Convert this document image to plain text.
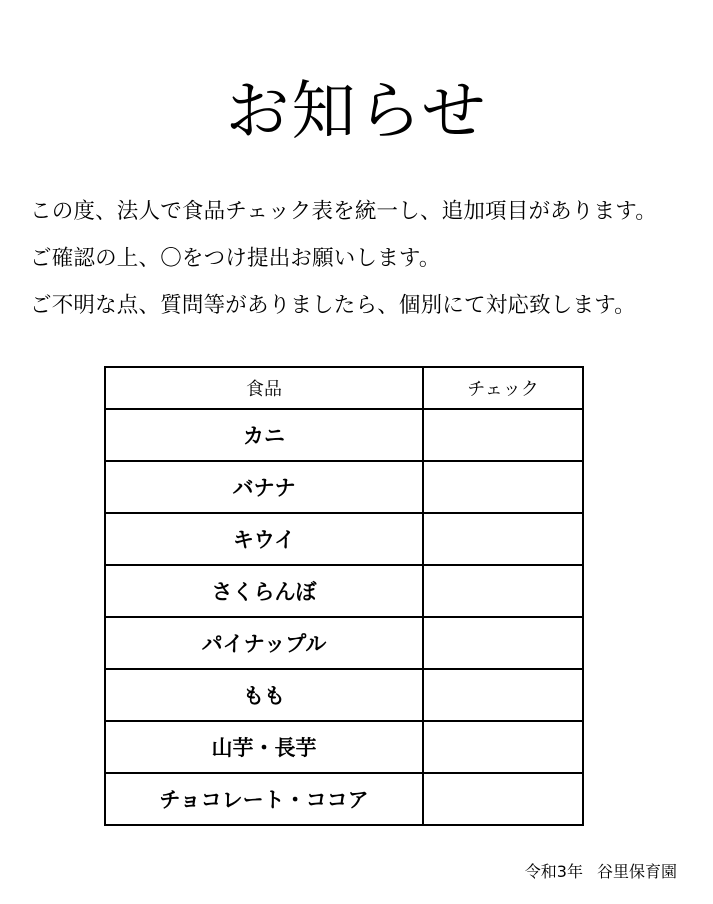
お知らせ
この度、法人で食品チェック表を統一し、追加項目があります。
ご確認の上、〇をつけ提出お願いします。
ご不明な点、質問等がありましたら、個別にて対応致します。
食品	チェック
カニ	
バナナ	
キウイ	
さくらんぼ	
パイナップル	
もも	
山芋・長芋	
チョコレート・ココア	
令和3年 谷里保育園
